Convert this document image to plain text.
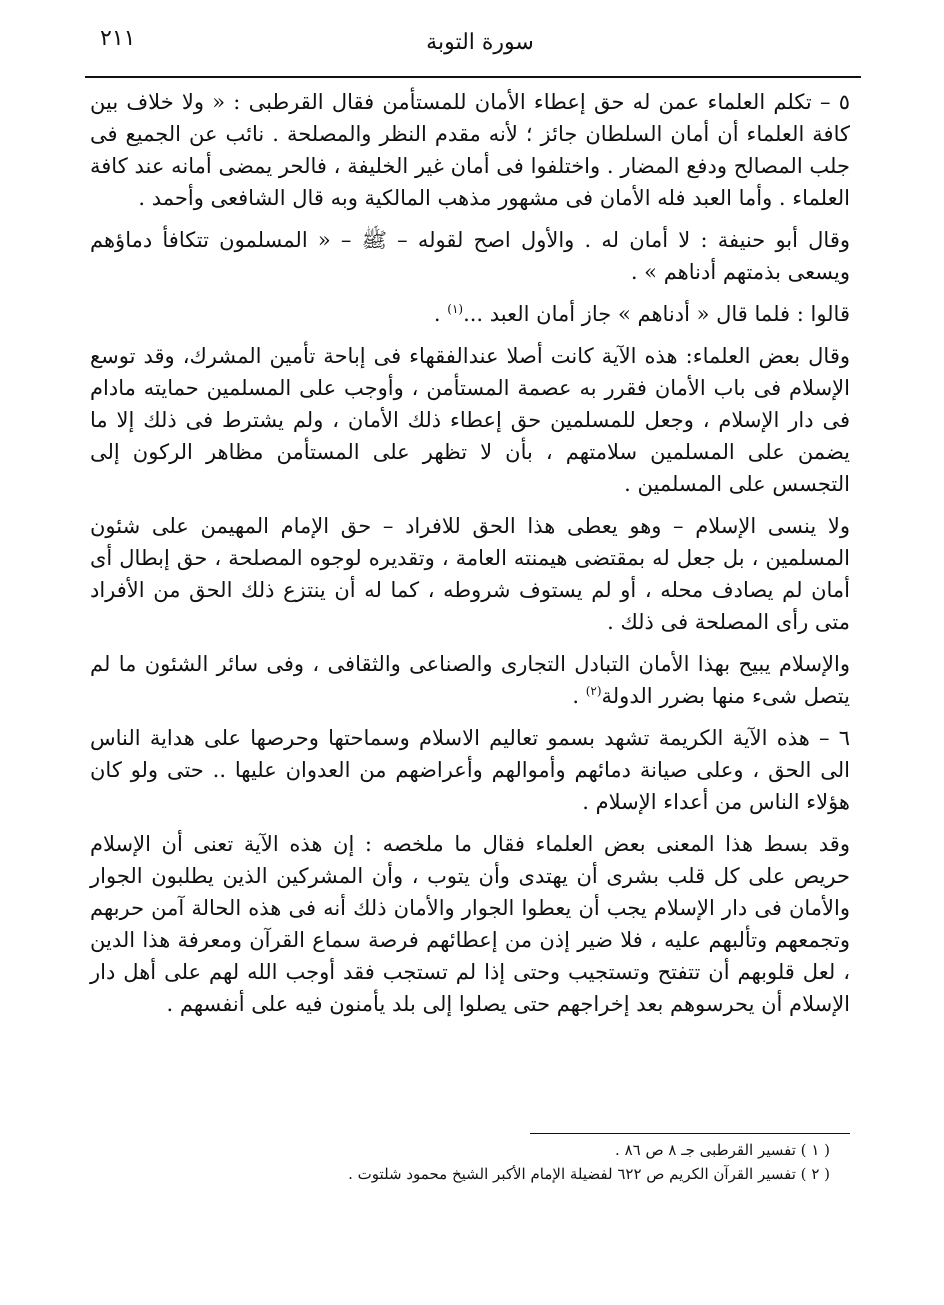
٢١١	سورة التوبة

٥ – تكلم العلماء عمن له حق إعطاء الأمان للمستأمن فقال القرطبى : « ولا خلاف بين كافة العلماء أن أمان السلطان جائز ؛ لأنه مقدم النظر والمصلحة . نائب عن الجميع فى جلب المصالح ودفع المضار . واختلفوا فى أمان غير الخليفة ، فالحر يمضى أمانه عند كافة العلماء . وأما العبد فله الأمان فى مشهور مذهب المالكية وبه قال الشافعى وأحمد .

وقال أبو حنيفة : لا أمان له . والأول اصح لقوله – ﷺ – « المسلمون تتكافأ دماؤهم ويسعى بذمتهم أدناهم » .

قالوا : فلما قال « أدناهم » جاز أمان العبد ...$^{(١)}$ .

وقال بعض العلماء: هذه الآية كانت أصلا عندالفقهاء فى إباحة تأمين المشرك، وقد توسع الإسلام فى باب الأمان فقرر به عصمة المستأمن ، وأوجب على المسلمين حمايته مادام فى دار الإسلام ، وجعل للمسلمين حق إعطاء ذلك الأمان ، ولم يشترط فى ذلك إلا ما يضمن على المسلمين سلامتهم ، بأن لا تظهر على المستأمن مظاهر الركون إلى التجسس على المسلمين .

ولا ينسى الإسلام – وهو يعطى هذا الحق للافراد – حق الإمام المهيمن على شئون المسلمين ، بل جعل له بمقتضى هيمنته العامة ، وتقديره لوجوه المصلحة ، حق إبطال أى أمان لم يصادف محله ، أو لم يستوف شروطه ، كما له أن ينتزع ذلك الحق من الأفراد متى رأى المصلحة فى ذلك .

والإسلام يبيح بهذا الأمان التبادل التجارى والصناعى والثقافى ، وفى سائر الشئون ما لم يتصل شىء منها بضرر الدولة$^{(٢)}$ .

٦ – هذه الآية الكريمة تشهد بسمو تعاليم الاسلام وسماحتها وحرصها على هداية الناس الى الحق ، وعلى صيانة دمائهم وأموالهم وأعراضهم من العدوان عليها .. حتى ولو كان هؤلاء الناس من أعداء الإسلام .

وقد بسط هذا المعنى بعض العلماء فقال ما ملخصه : إن هذه الآية تعنى أن الإسلام حريص على كل قلب بشرى أن يهتدى وأن يتوب ، وأن المشركين الذين يطلبون الجوار والأمان فى دار الإسلام يجب أن يعطوا الجوار والأمان ذلك أنه فى هذه الحالة آمن حربهم وتجمعهم وتألبهم عليه ، فلا ضير إذن من إعطائهم فرصة سماع القرآن ومعرفة هذا الدين ، لعل قلوبهم أن تتفتح وتستجيب وحتى إذا لم تستجب فقد أوجب الله لهم على أهل دار الإسلام أن يحرسوهم بعد إخراجهم حتى يصلوا إلى بلد يأمنون فيه على أنفسهم .

( ١ ) تفسير القرطبى جـ ٨ ص ٨٦ .
( ٢ ) تفسير القرآن الكريم ص ٦٢٢ لفضيلة الإمام الأكبر الشيخ محمود شلتوت .
